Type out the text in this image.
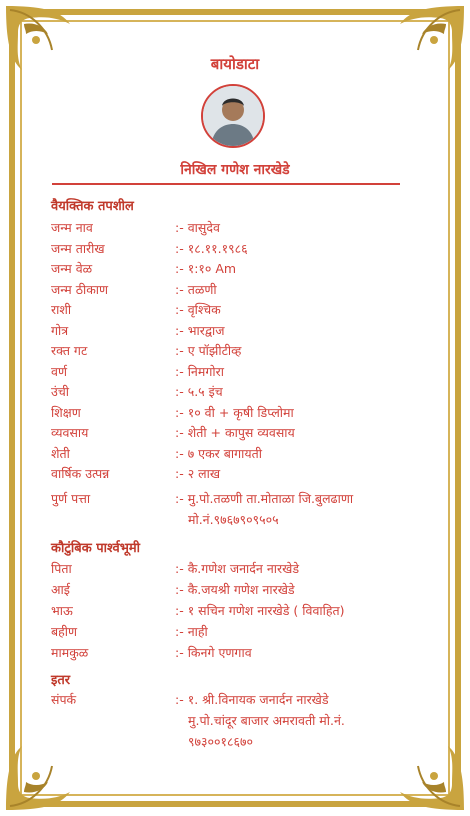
बायोडाटा
निखिल गणेश नारखेडे
वैयक्तिक तपशील
जन्म नाव	:- वासुदेव
जन्म तारीख	:- १८.११.१९८६
जन्म वेळ	:- १:१० Am
जन्म ठीकाण	:- तळणी
राशी	:- वृश्चिक
गोत्र	:- भारद्वाज
रक्त गट	:- ए पॉझीटीव्ह
वर्ण	:- निमगोरा
उंची	:- ५.५ इंच
शिक्षण	:- १० वी + कृषी डिप्लोमा
व्यवसाय	:- शेती + कापुस व्यवसाय
शेती	:- ७ एकर बागायती
वार्षिक उत्पन्न	:- २ लाख
पुर्ण पत्ता	:- मु.पो.तळणी ता.मोताळा जि.बुलढाणा
मो.नं.९७६७९०९५०५
कौटुंबिक पार्श्वभूमी
पिता	:- कै.गणेश जनार्दन नारखेडे
आई	:- कै.जयश्री गणेश नारखेडे
भाऊ	:- १ सचिन गणेश नारखेडे ( विवाहित)
बहीण	:- नाही
मामकुळ	:- किनगे एणगाव
इतर
संपर्क	:- १. श्री.विनायक जनार्दन नारखेडे
मु.पो.चांदूर बाजार अमरावती मो.नं.
९७३००१८६७०
